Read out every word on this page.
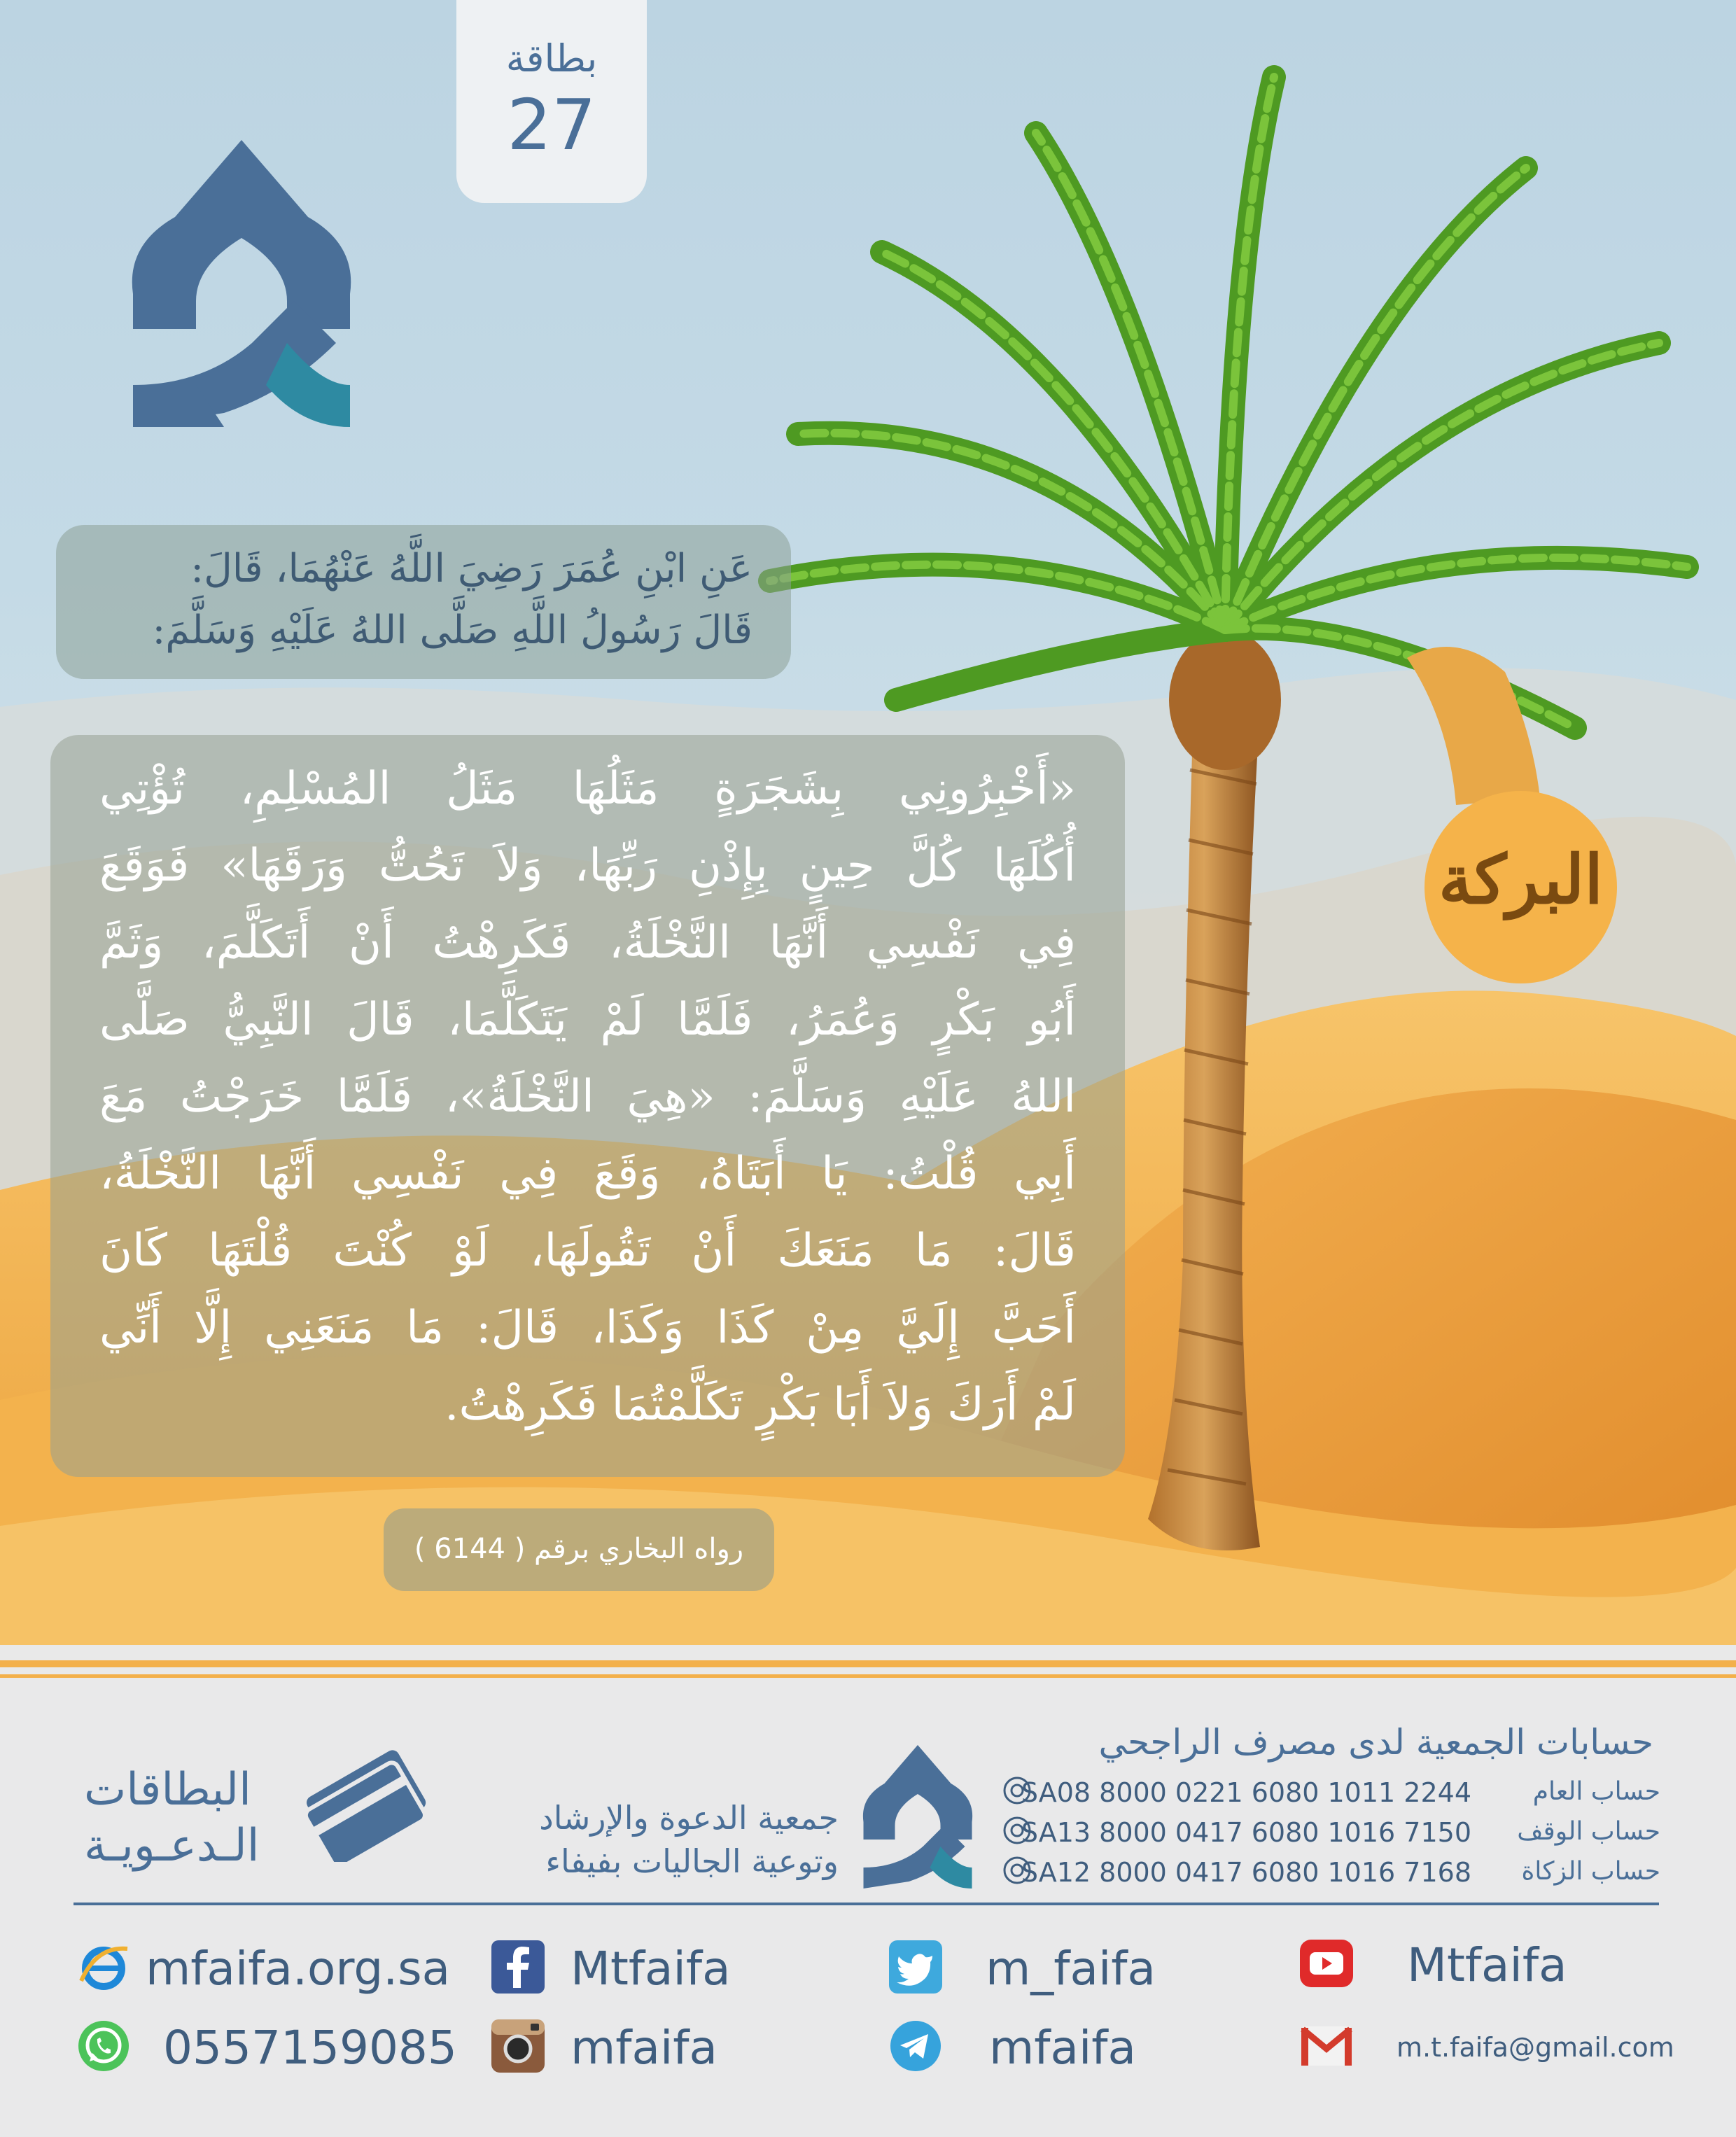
بطاقة
27

عَنِ ابْنِ عُمَرَ رَضِيَ اللَّهُ عَنْهُمَا، قَالَ:

قَالَ رَسُولُ اللَّهِ صَلَّى اللهُ عَلَيْهِ وَسَلَّمَ:

«أَخْبِرُونِي بِشَجَرَةٍ مَثَلُهَا مَثَلُ المُسْلِمِ، تُؤْتِي
أُكُلَهَا كُلَّ حِينٍ بِإِذْنِ رَبِّهَا، وَلاَ تَحُتُّ وَرَقَهَا» فَوَقَعَ
فِي نَفْسِي أَنَّهَا النَّخْلَةُ، فَكَرِهْتُ أَنْ أَتَكَلَّمَ، وَثَمَّ
أَبُو بَكْرٍ وَعُمَرُ، فَلَمَّا لَمْ يَتَكَلَّمَا، قَالَ النَّبِيُّ صَلَّى
اللهُ عَلَيْهِ وَسَلَّمَ: «هِيَ النَّخْلَةُ»، فَلَمَّا خَرَجْتُ مَعَ
أَبِي قُلْتُ: يَا أَبَتَاهُ، وَقَعَ فِي نَفْسِي أَنَّهَا النَّخْلَةُ،
قَالَ: مَا مَنَعَكَ أَنْ تَقُولَهَا، لَوْ كُنْتَ قُلْتَهَا كَانَ
أَحَبَّ إِلَيَّ مِنْ كَذَا وَكَذَا، قَالَ: مَا مَنَعَنِي إِلَّا أَنِّي
لَمْ أَرَكَ وَلاَ أَبَا بَكْرٍ تَكَلَّمْتُمَا فَكَرِهْتُ.
رواه البخاري برقم ( 6144 )
البركة
حسابات الجمعية لدى مصرف الراجحي
حساب العام
SA08 8000 0221 6080 1011 2244
حساب الوقف
SA13 8000 0417 6080 1016 7150
حساب الزكاة
SA12 8000 0417 6080 1016 7168
جمعية الدعوة والإرشاد
وتوعية الجاليات بفيفاء
البطاقات
الـدعـويـة
mfaifa.org.sa	Mtfaifa	m_faifa	Mtfaifa
0557159085 mfaifa	mfaifa	m.t.faifa@gmail.com
